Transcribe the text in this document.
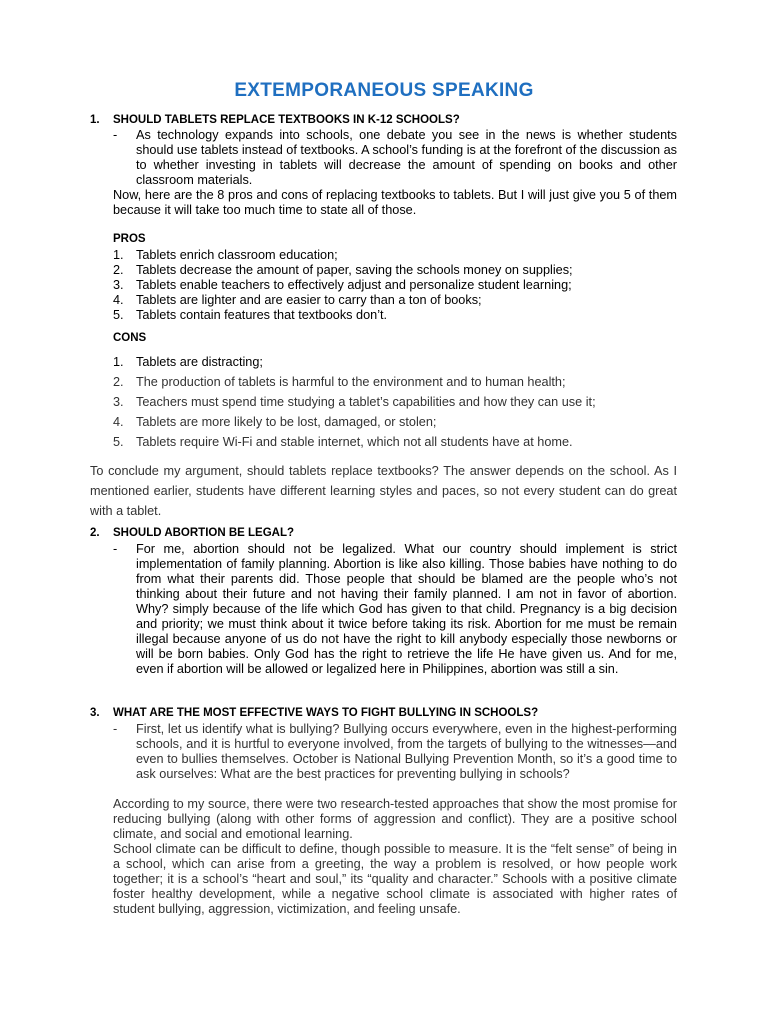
EXTEMPORANEOUS SPEAKING
1. SHOULD TABLETS REPLACE TEXTBOOKS IN K-12 SCHOOLS?
- As technology expands into schools, one debate you see in the news is whether students should use tablets instead of textbooks. A school’s funding is at the forefront of the discussion as to whether investing in tablets will decrease the amount of spending on books and other classroom materials.
Now, here are the 8 pros and cons of replacing textbooks to tablets. But I will just give you 5 of them because it will take too much time to state all of those.
PROS
1. Tablets enrich classroom education;
2. Tablets decrease the amount of paper, saving the schools money on supplies;
3. Tablets enable teachers to effectively adjust and personalize student learning;
4. Tablets are lighter and are easier to carry than a ton of books;
5. Tablets contain features that textbooks don’t.
CONS
1. Tablets are distracting;
2. The production of tablets is harmful to the environment and to human health;
3. Teachers must spend time studying a tablet’s capabilities and how they can use it;
4. Tablets are more likely to be lost, damaged, or stolen;
5. Tablets require Wi-Fi and stable internet, which not all students have at home.
To conclude my argument, should tablets replace textbooks? The answer depends on the school. As I mentioned earlier, students have different learning styles and paces, so not every student can do great with a tablet.
2. SHOULD ABORTION BE LEGAL?
- For me, abortion should not be legalized. What our country should implement is strict implementation of family planning. Abortion is like also killing. Those babies have nothing to do from what their parents did. Those people that should be blamed are the people who’s not thinking about their future and not having their family planned. I am not in favor of abortion. Why? simply because of the life which God has given to that child. Pregnancy is a big decision and priority; we must think about it twice before taking its risk. Abortion for me must be remain illegal because anyone of us do not have the right to kill anybody especially those newborns or will be born babies. Only God has the right to retrieve the life He have given us. And for me, even if abortion will be allowed or legalized here in Philippines, abortion was still a sin.
3. WHAT ARE THE MOST EFFECTIVE WAYS TO FIGHT BULLYING IN SCHOOLS?
- First, let us identify what is bullying? Bullying occurs everywhere, even in the highest-performing schools, and it is hurtful to everyone involved, from the targets of bullying to the witnesses—and even to bullies themselves. October is National Bullying Prevention Month, so it’s a good time to ask ourselves: What are the best practices for preventing bullying in schools?
According to my source, there were two research-tested approaches that show the most promise for reducing bullying (along with other forms of aggression and conflict). They are a positive school climate, and social and emotional learning.
School climate can be difficult to define, though possible to measure. It is the “felt sense” of being in a school, which can arise from a greeting, the way a problem is resolved, or how people work together; it is a school’s “heart and soul,” its “quality and character.” Schools with a positive climate foster healthy development, while a negative school climate is associated with higher rates of student bullying, aggression, victimization, and feeling unsafe.
